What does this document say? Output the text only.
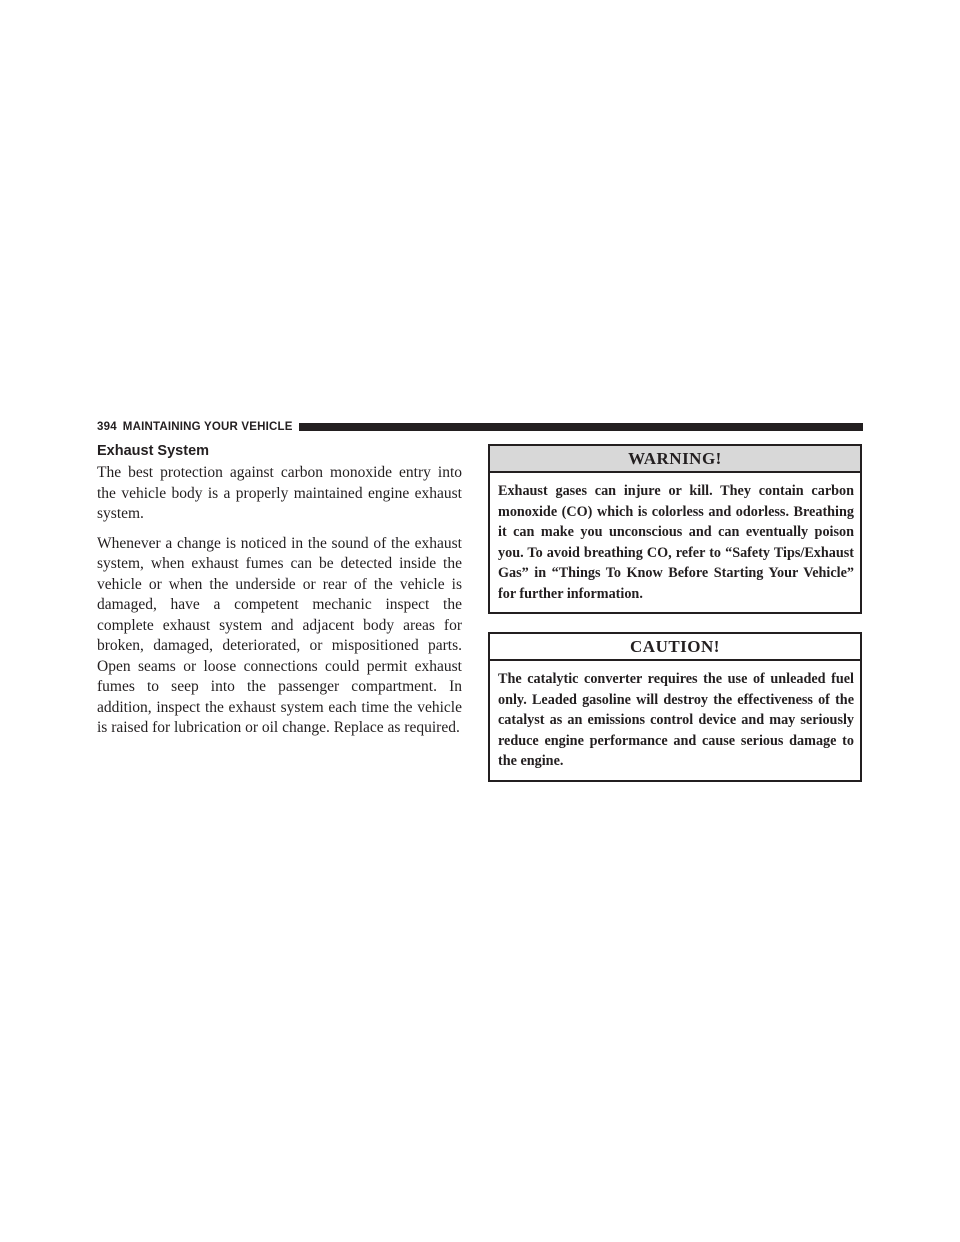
394 MAINTAINING YOUR VEHICLE
Exhaust System

The best protection against carbon monoxide entry into the vehicle body is a properly maintained engine exhaust system.

Whenever a change is noticed in the sound of the exhaust system, when exhaust fumes can be detected inside the vehicle or when the underside or rear of the vehicle is damaged, have a competent mechanic inspect the complete exhaust system and adjacent body areas for broken, damaged, deteriorated, or mispositioned parts. Open seams or loose connections could permit exhaust fumes to seep into the passenger compartment. In addition, inspect the exhaust system each time the vehicle is raised for lubrication or oil change. Replace as required.

WARNING!
Exhaust gases can injure or kill. They contain carbon monoxide (CO) which is colorless and odorless. Breathing it can make you unconscious and can eventually poison you. To avoid breathing CO, refer to “Safety Tips/Exhaust Gas” in “Things To Know Before Starting Your Vehicle” for further information.
CAUTION!
The catalytic converter requires the use of unleaded fuel only. Leaded gasoline will destroy the effectiveness of the catalyst as an emissions control device and may seriously reduce engine performance and cause serious damage to the engine.
